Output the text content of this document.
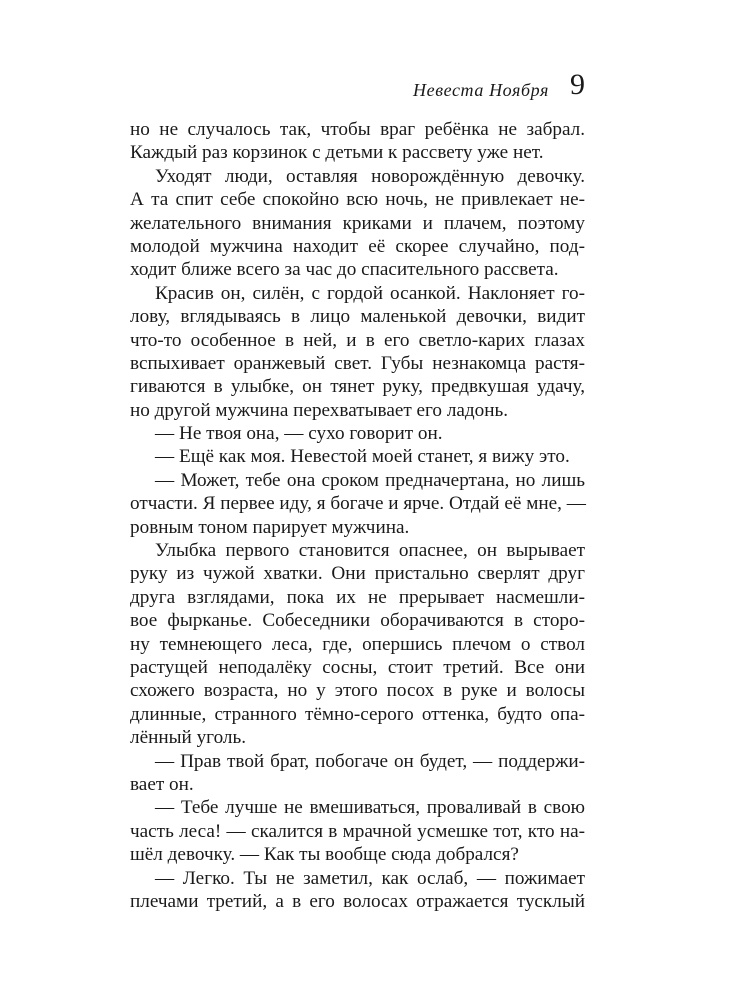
Невеста Ноября 9
но не случалось так, чтобы враг ребёнка не забрал.
Каждый раз корзинок с детьми к рассвету уже нет.
Уходят люди, оставляя новорождённую девочку.
А та спит себе спокойно всю ночь, не привлекает не-
желательного внимания криками и плачем, поэтому
молодой мужчина находит её скорее случайно, под-
ходит ближе всего за час до спасительного рассвета.
Красив он, силён, с гордой осанкой. Наклоняет го-
лову, вглядываясь в лицо маленькой девочки, видит
что-то особенное в ней, и в его светло-карих глазах
вспыхивает оранжевый свет. Губы незнакомца растя-
гиваются в улыбке, он тянет руку, предвкушая удачу,
но другой мужчина перехватывает его ладонь.
— Не твоя она, — сухо говорит он.
— Ещё как моя. Невестой моей станет, я вижу это.
— Может, тебе она сроком предначертана, но лишь
отчасти. Я первее иду, я богаче и ярче. Отдай её мне, —
ровным тоном парирует мужчина.
Улыбка первого становится опаснее, он вырывает
руку из чужой хватки. Они пристально сверлят друг
друга взглядами, пока их не прерывает насмешли-
вое фырканье. Собеседники оборачиваются в сторо-
ну темнеющего леса, где, опершись плечом о ствол
растущей неподалёку сосны, стоит третий. Все они
схожего возраста, но у этого посох в руке и волосы
длинные, странного тёмно-серого оттенка, будто опа-
лённый уголь.
— Прав твой брат, побогаче он будет, — поддержи-
вает он.
— Тебе лучше не вмешиваться, проваливай в свою
часть леса! — скалится в мрачной усмешке тот, кто на-
шёл девочку. — Как ты вообще сюда добрался?
— Легко. Ты не заметил, как ослаб, — пожимает
плечами третий, а в его волосах отражается тусклый
